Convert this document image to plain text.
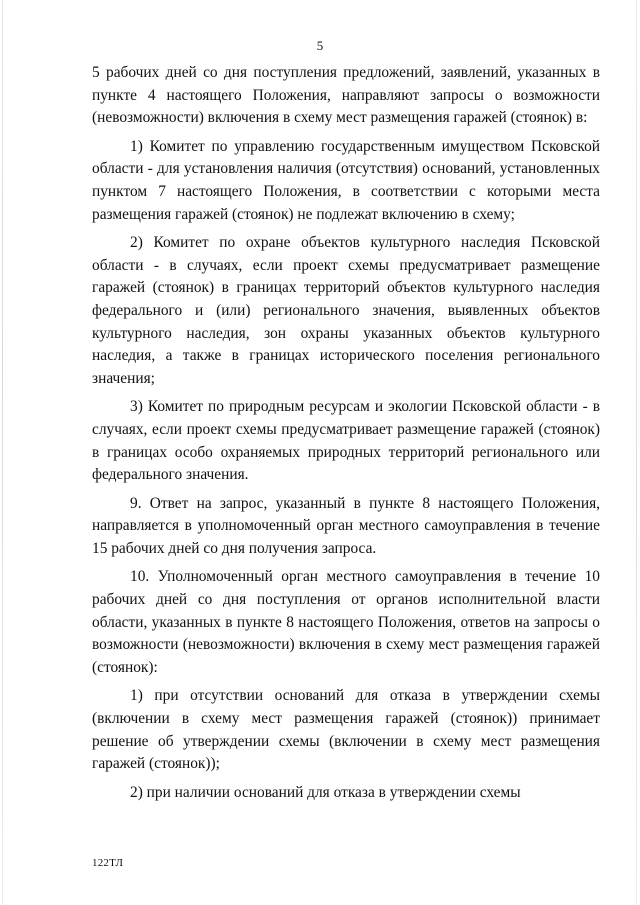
5

5 рабочих дней со дня поступления предложений, заявлений, указанных в пункте 4 настоящего Положения, направляют запросы о возможности (невозможности) включения в схему мест размещения гаражей (стоянок) в:

1) Комитет по управлению государственным имуществом Псковской области - для установления наличия (отсутствия) оснований, установленных пунктом 7 настоящего Положения, в соответствии с которыми места размещения гаражей (стоянок) не подлежат включению в схему;

2) Комитет по охране объектов культурного наследия Псковской области - в случаях, если проект схемы предусматривает размещение гаражей (стоянок) в границах территорий объектов культурного наследия федерального и (или) регионального значения, выявленных объектов культурного наследия, зон охраны указанных объектов культурного наследия, а также в границах исторического поселения регионального значения;

3) Комитет по природным ресурсам и экологии Псковской области - в случаях, если проект схемы предусматривает размещение гаражей (стоянок) в границах особо охраняемых природных территорий регионального или федерального значения.

9. Ответ на запрос, указанный в пункте 8 настоящего Положения, направляется в уполномоченный орган местного самоуправления в течение 15 рабочих дней со дня получения запроса.

10. Уполномоченный орган местного самоуправления в течение 10 рабочих дней со дня поступления от органов исполнительной власти области, указанных в пункте 8 настоящего Положения, ответов на запросы о возможности (невозможности) включения в схему мест размещения гаражей (стоянок):

1) при отсутствии оснований для отказа в утверждении схемы (включении в схему мест размещения гаражей (стоянок)) принимает решение об утверждении схемы (включении в схему мест размещения гаражей (стоянок));

2) при наличии оснований для отказа в утверждении схемы

122ТЛ
